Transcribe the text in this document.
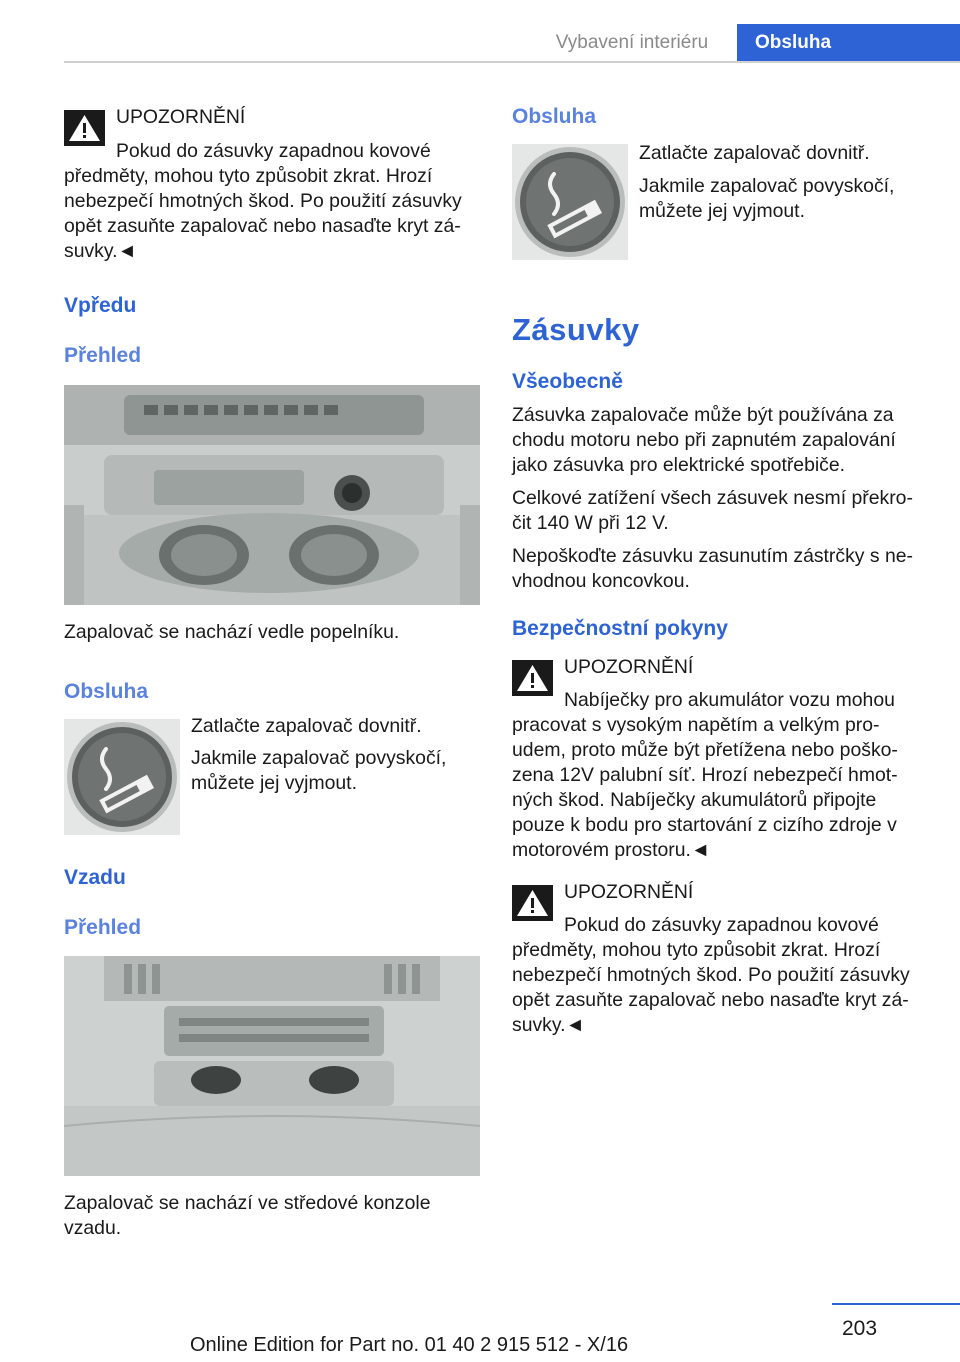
Vybavení interiéru	Obsluha

UPOZORNĚNÍ

Pokud do zásuvky zapadnou kovové

předměty, mohou tyto způsobit zkrat. Hrozí

nebezpečí hmotných škod. Po použití zásuvky

opět zasuňte zapalovač nebo nasaďte kryt zá‐

suvky.◄

Vpředu

Přehled

Zapalovač se nachází vedle popelníku.

Obsluha

Zatlačte zapalovač dovnitř.

Jakmile zapalovač povyskočí,

můžete jej vyjmout.

Vzadu

Přehled

Zapalovač se nachází ve středové konzole

vzadu.

Obsluha

Zatlačte zapalovač dovnitř.

Jakmile zapalovač povyskočí,

můžete jej vyjmout.

Zásuvky

Všeobecně

Zásuvka zapalovače může být používána za

chodu motoru nebo při zapnutém zapalování

jako zásuvka pro elektrické spotřebiče.

Celkové zatížení všech zásuvek nesmí překro‐

čit 140 W při 12 V.

Nepoškoďte zásuvku zasunutím zástrčky s ne‐

vhodnou koncovkou.

Bezpečnostní pokyny

UPOZORNĚNÍ

Nabíječky pro akumulátor vozu mohou

pracovat s vysokým napětím a velkým pro‐

udem, proto může být přetížena nebo poško‐

zena 12V palubní síť. Hrozí nebezpečí hmot‐

ných škod. Nabíječky akumulátorů připojte

pouze k bodu pro startování z cizího zdroje v

motorovém prostoru.◄

UPOZORNĚNÍ

Pokud do zásuvky zapadnou kovové

předměty, mohou tyto způsobit zkrat. Hrozí

nebezpečí hmotných škod. Po použití zásuvky

opět zasuňte zapalovač nebo nasaďte kryt zá‐

suvky.◄

203
Online Edition for Part no. 01 40 2 915 512 - X/16
